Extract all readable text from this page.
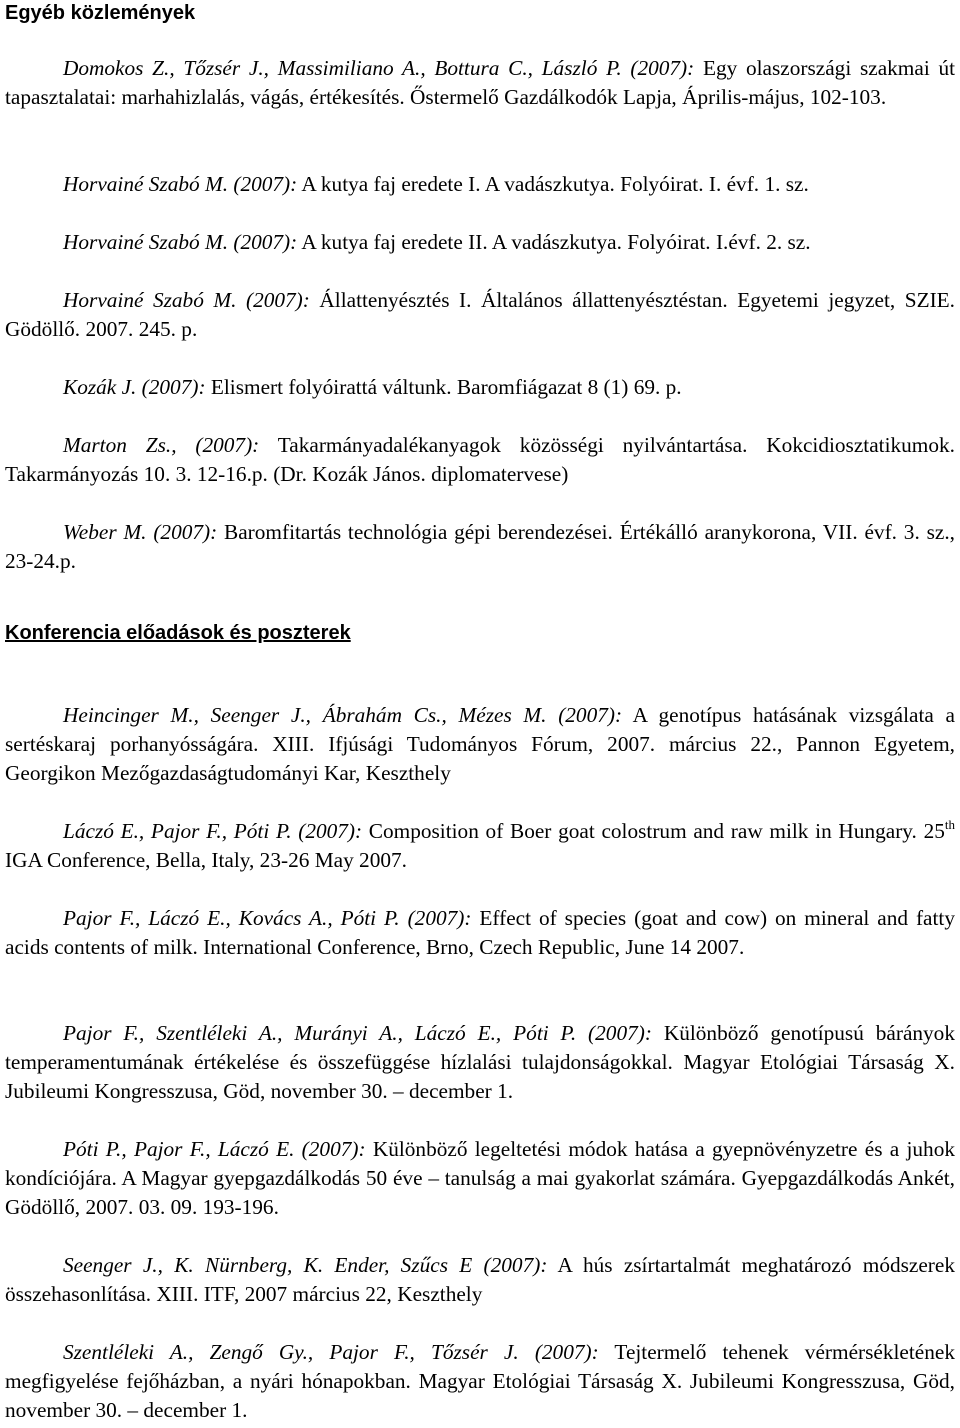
Egyéb közlemények

Domokos Z., Tőzsér J., Massimiliano A., Bottura C., László P. (2007): Egy olaszországi szakmai út tapasztalatai: marhahizlalás, vágás, értékesítés. Őstermelő Gazdálkodók Lapja, Április-május, 102-103.

Horvainé Szabó M. (2007): A kutya faj eredete I. A vadászkutya. Folyóirat. I. évf. 1. sz.

Horvainé Szabó M. (2007): A kutya faj eredete II. A vadászkutya. Folyóirat. I.évf. 2. sz.

Horvainé Szabó M. (2007): Állattenyésztés I. Általános állattenyésztéstan. Egyetemi jegyzet, SZIE. Gödöllő. 2007. 245. p.

Kozák J. (2007): Elismert folyóirattá váltunk. Baromfiágazat 8 (1) 69. p.

Marton Zs., (2007): Takarmányadalékanyagok közösségi nyilvántartása. Kokcidiosztatikumok. Takarmányozás 10. 3. 12-16.p. (Dr. Kozák János. diplomatervese)

Weber M. (2007): Baromfitartás technológia gépi berendezései. Értékálló aranykorona, VII. évf. 3. sz., 23-24.p.

Konferencia előadások és poszterek

Heincinger M., Seenger J., Ábrahám Cs., Mézes M. (2007): A genotípus hatásának vizsgálata a sertéskaraj porhanyósságára. XIII. Ifjúsági Tudományos Fórum, 2007. március 22., Pannon Egyetem, Georgikon Mezőgazdaságtudományi Kar, Keszthely

Láczó E., Pajor F., Póti P. (2007): Composition of Boer goat colostrum and raw milk in Hungary. 25th IGA Conference, Bella, Italy, 23-26 May 2007.

Pajor F., Láczó E., Kovács A., Póti P. (2007): Effect of species (goat and cow) on mineral and fatty acids contents of milk. International Conference, Brno, Czech Republic, June 14 2007.

Pajor F., Szentléleki A., Murányi A., Láczó E., Póti P. (2007): Különböző genotípusú bárányok temperamentumának értékelése és összefüggése hízlalási tulajdonságokkal. Magyar Etológiai Társaság X. Jubileumi Kongresszusa, Göd, november 30. – december 1.

Póti P., Pajor F., Láczó E. (2007): Különböző legeltetési módok hatása a gyepnövényzetre és a juhok kondíciójára. A Magyar gyepgazdálkodás 50 éve – tanulság a mai gyakorlat számára. Gyepgazdálkodás Ankét, Gödöllő, 2007. 03. 09. 193-196.

Seenger J., K. Nürnberg, K. Ender, Szűcs E (2007): A hús zsírtartalmát meghatározó módszerek összehasonlítása. XIII. ITF, 2007 március 22, Keszthely

Szentléleki A., Zengő Gy., Pajor F., Tőzsér J. (2007): Tejtermelő tehenek vérmérsékletének megfigyelése fejőházban, a nyári hónapokban. Magyar Etológiai Társaság X. Jubileumi Kongresszusa, Göd, november 30. – december 1.
